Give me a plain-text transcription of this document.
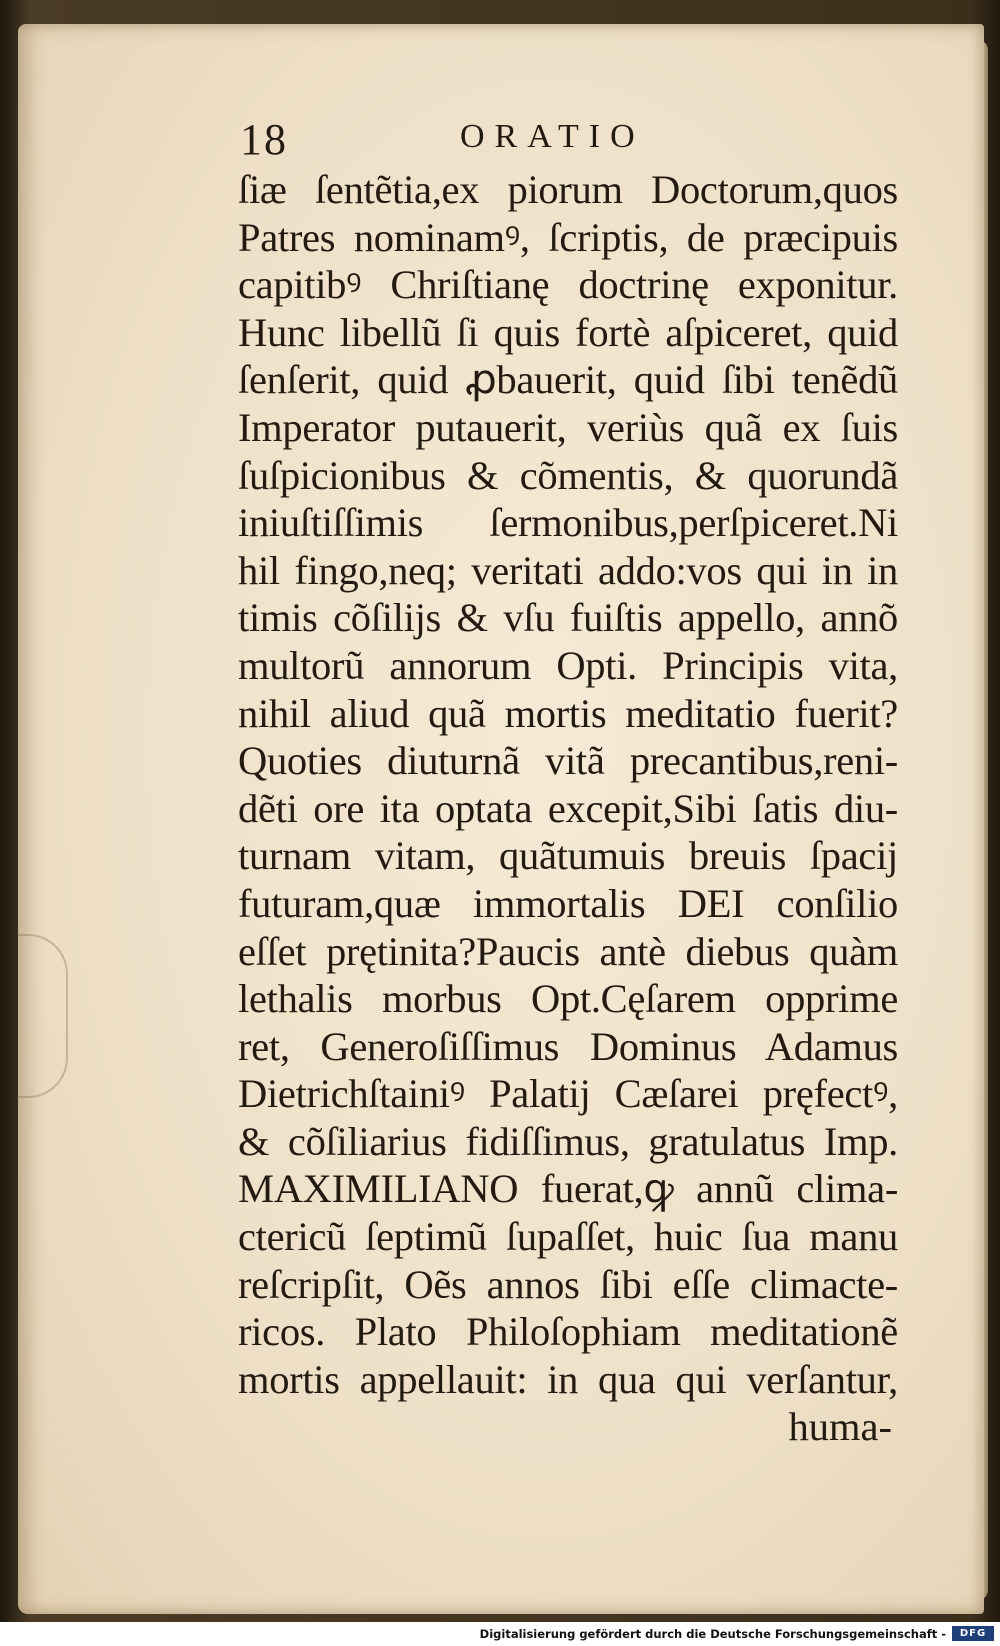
18	ORATIO
ſiæ ſentẽtia,ex piorum Doctorum,quos
Patres nominamꝰ, ſcriptis, de præcipuis
capitibꝰ Chriſtianę doctrinę exponitur.
Hunc libellũ ſi quis fortè aſpiceret, quid
ſenſerit, quid ꝓbauerit, quid ſibi tenẽdũ
Imperator putauerit, veriùs quã ex ſuis
ſuſpicionibus & cõmentis, & quorundã
iniuſtiſſimis ſermonibus,perſpiceret.Ni
hil fingo,neq; veritati addo:vos qui in in
timis cõſilijs & vſu fuiſtis appello, annõ
multorũ annorum Opti. Principis vita,
nihil aliud quã mortis meditatio fuerit?
Quoties diuturnã vitã precantibus,reni-
dẽti ore ita optata excepit,Sibi ſatis diu-
turnam vitam, quãtumuis breuis ſpacij
futuram,quæ immortalis DEI conſilio
eſſet prętinita?Paucis antè diebus quàm
lethalis morbus Opt.Cęſarem opprime
ret, Generoſiſſimus Dominus Adamus
Dietrichſtainiꝰ Palatij Cæſarei pręfectꝰ,
& cõſiliarius fidiſſimus, gratulatus Imp.
MAXIMILIANO fuerat,ꝙ annũ clima-
ctericũ ſeptimũ ſupaſſet, huic ſua manu
reſcripſit, Oẽs annos ſibi eſſe climacte-
ricos. Plato Philoſophiam meditationẽ
mortis appellauit: in qua qui verſantur,
huma-
Digitalisierung gefördert durch die Deutsche Forschungsgemeinschaft -	DFG
